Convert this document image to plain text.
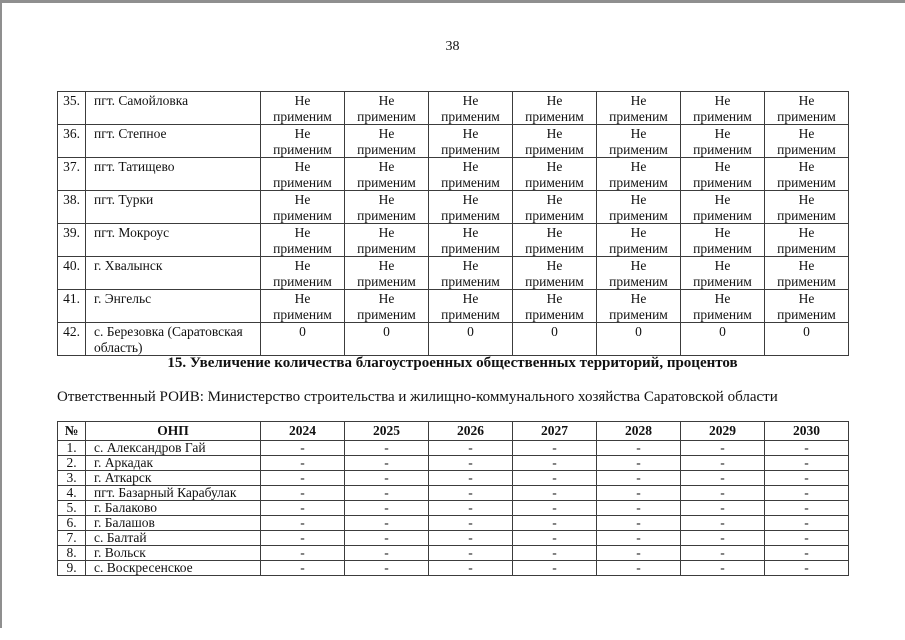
38
35.	пгт. Самойловка	Не применим	Не применим	Не применим	Не применим	Не применим	Не применим	Не применим
36.	пгт. Степное	Не применим	Не применим	Не применим	Не применим	Не применим	Не применим	Не применим
37.	пгт. Татищево	Не применим	Не применим	Не применим	Не применим	Не применим	Не применим	Не применим
38.	пгт. Турки	Не применим	Не применим	Не применим	Не применим	Не применим	Не применим	Не применим
39.	пгт. Мокроус	Не применим	Не применим	Не применим	Не применим	Не применим	Не применим	Не применим
40.	г. Хвалынск	Не применим	Не применим	Не применим	Не применим	Не применим	Не применим	Не применим
41.	г. Энгельс	Не применим	Не применим	Не применим	Не применим	Не применим	Не применим	Не применим
42.	с. Березовка (Саратовская область)	0	0	0	0	0	0	0
15. Увеличение количества благоустроенных общественных территорий, процентов
Ответственный РОИВ: Министерство строительства и жилищно-коммунального хозяйства Саратовской области
№	ОНП	2024	2025	2026	2027	2028	2029	2030
1.	с. Александров Гай	-	-	-	-	-	-	-
2.	г. Аркадак	-	-	-	-	-	-	-
3.	г. Аткарск	-	-	-	-	-	-	-
4.	пгт. Базарный Карабулак	-	-	-	-	-	-	-
5.	г. Балаково	-	-	-	-	-	-	-
6.	г. Балашов	-	-	-	-	-	-	-
7.	с. Балтай	-	-	-	-	-	-	-
8.	г. Вольск	-	-	-	-	-	-	-
9.	с. Воскресенское	-	-	-	-	-	-	-
